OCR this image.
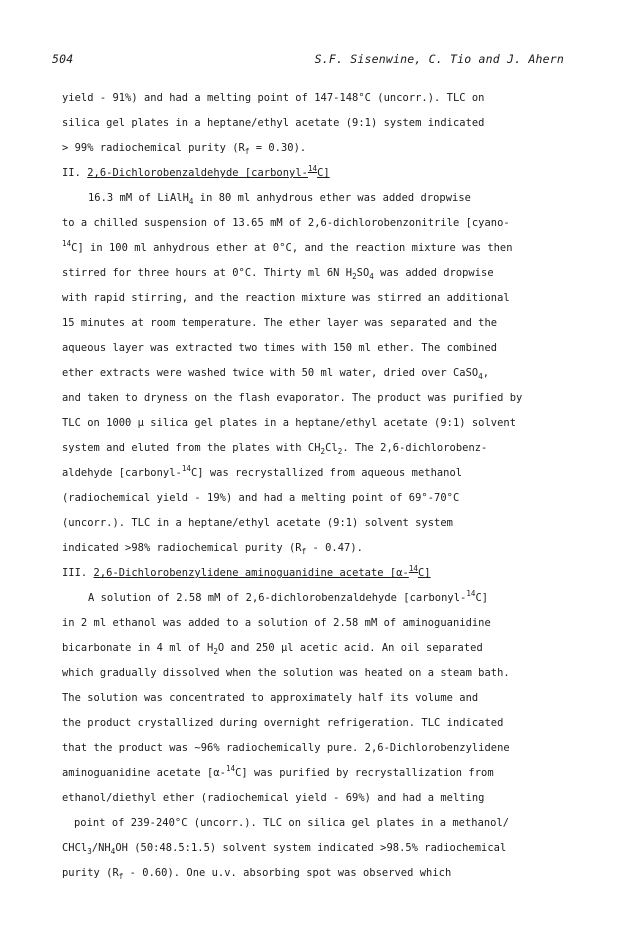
504	S.F. Sisenwine, C. Tio and J. Ahern
yield - 91%) and had a melting point of 147-148°C (uncorr.). TLC on
silica gel plates in a heptane/ethyl acetate (9:1) system indicated
> 99% radiochemical purity $(R_f = 0.30)$.
II. 2,6-Dichlorobenzaldehyde [carbonyl-$^{14}$C]
16.3 mM of LiAlH$_4$ in 80 ml anhydrous ether was added dropwise
to a chilled suspension of 13.65 mM of 2,6-dichlorobenzonitrile [cyano-
$^{14}$C] in 100 ml anhydrous ether at 0°C, and the reaction mixture was then
stirred for three hours at 0°C. Thirty ml 6N $H_2SO_4$ was added dropwise
with rapid stirring, and the reaction mixture was stirred an additional
15 minutes at room temperature. The ether layer was separated and the
aqueous layer was extracted two times with 150 ml ether. The combined
ether extracts were washed twice with 50 ml water, dried over CaSO$_4$,
and taken to dryness on the flash evaporator. The product was purified by
TLC on 1000 µ silica gel plates in a heptane/ethyl acetate (9:1) solvent
system and eluted from the plates with $CH_2Cl_2$. The 2,6-dichlorobenz-
aldehyde [carbonyl-$^{14}$C] was recrystallized from aqueous methanol
(radiochemical yield - 19%) and had a melting point of 69°-70°C
(uncorr.). TLC in a heptane/ethyl acetate (9:1) solvent system
indicated >98% radiochemical purity $(R_f - 0.47)$.
III. 2,6-Dichlorobenzylidene aminoguanidine acetate [α-$^{14}$C]
A solution of 2.58 mM of 2,6-dichlorobenzaldehyde [carbonyl-$^{14}$C]
in 2 ml ethanol was added to a solution of 2.58 mM of aminoguanidine
bicarbonate in 4 ml of $H_2O$ and 250 µl acetic acid. An oil separated
which gradually dissolved when the solution was heated on a steam bath.
The solution was concentrated to approximately half its volume and
the product crystallized during overnight refrigeration. TLC indicated
that the product was ~96% radiochemically pure. 2,6-Dichlorobenzylidene
aminoguanidine acetate [α-$^{14}$C] was purified by recrystallization from
ethanol/diethyl ether (radiochemical yield - 69%) and had a melting
point of 239-240°C (uncorr.). TLC on silica gel plates in a methanol/
$CHCl_3/NH_4OH$ (50:48.5:1.5) solvent system indicated >98.5% radiochemical
purity $(R_f - 0.60)$. One u.v. absorbing spot was observed which
